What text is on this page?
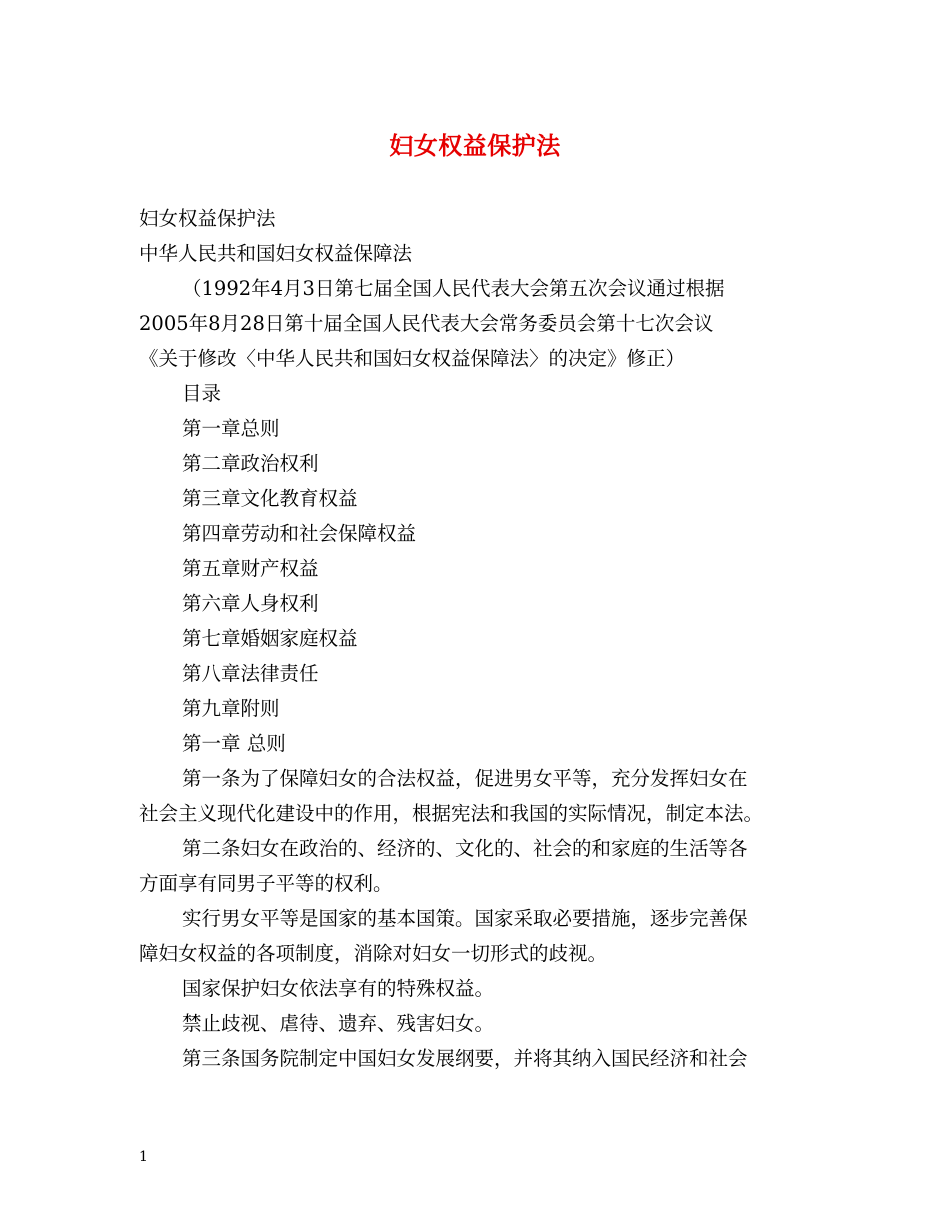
妇女权益保护法
妇女权益保护法
中华人民共和国妇女权益保障法
（1992年4月3日第七届全国人民代表大会第五次会议通过根据
2005年8月28日第十届全国人民代表大会常务委员会第十七次会议
《关于修改〈中华人民共和国妇女权益保障法〉的决定》修正）
目录
第一章总则
第二章政治权利
第三章文化教育权益
第四章劳动和社会保障权益
第五章财产权益
第六章人身权利
第七章婚姻家庭权益
第八章法律责任
第九章附则
第一章 总则
第一条为了保障妇女的合法权益，促进男女平等，充分发挥妇女在
社会主义现代化建设中的作用，根据宪法和我国的实际情况，制定本法。
第二条妇女在政治的、经济的、文化的、社会的和家庭的生活等各
方面享有同男子平等的权利。
实行男女平等是国家的基本国策。国家采取必要措施，逐步完善保
障妇女权益的各项制度，消除对妇女一切形式的歧视。
国家保护妇女依法享有的特殊权益。
禁止歧视、虐待、遗弃、残害妇女。
第三条国务院制定中国妇女发展纲要，并将其纳入国民经济和社会
1
